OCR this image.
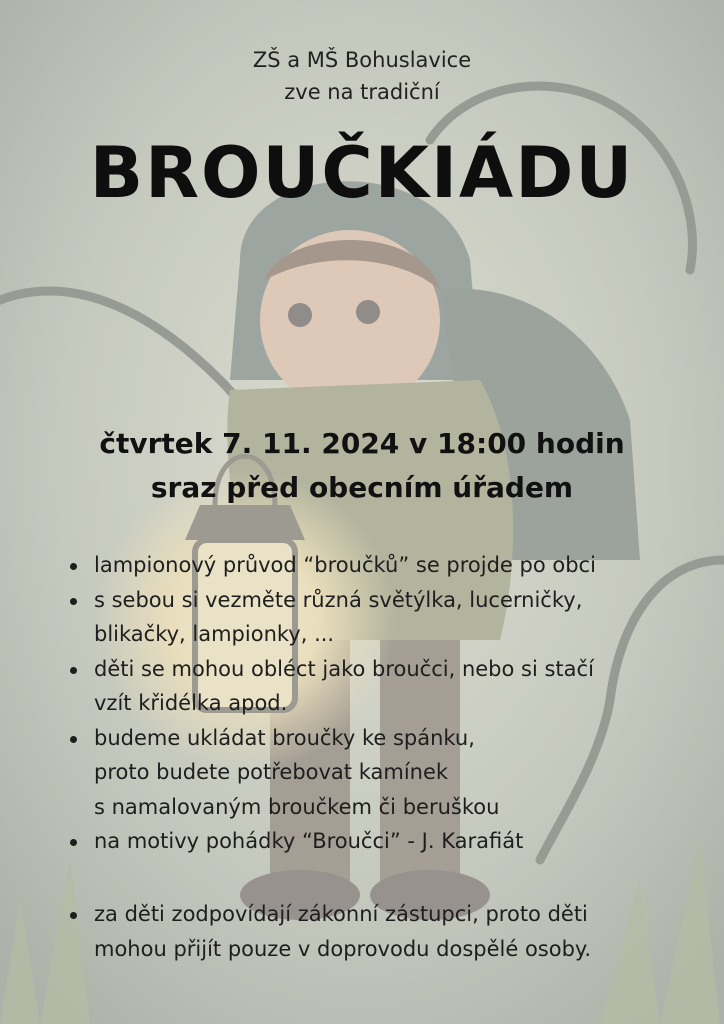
ZŠ a MŠ Bohuslavice
zve na tradiční
BROUČKIÁDU
čtvrtek 7. 11. 2024 v 18:00 hodin
sraz před obecním úřadem
lampionový průvod “broučků” se projde po obci
s sebou si vezměte různá světýlka, lucerničky,
blikačky, lampionky, ...
děti se mohou obléct jako broučci, nebo si stačí
vzít křidélka apod.
budeme ukládat broučky ke spánku,
proto budete potřebovat kamínek
s namalovaným broučkem či beruškou
na motivy pohádky “Broučci” - J. Karafiát
za děti zodpovídají zákonní zástupci, proto děti
mohou přijít pouze v doprovodu dospělé osoby.
